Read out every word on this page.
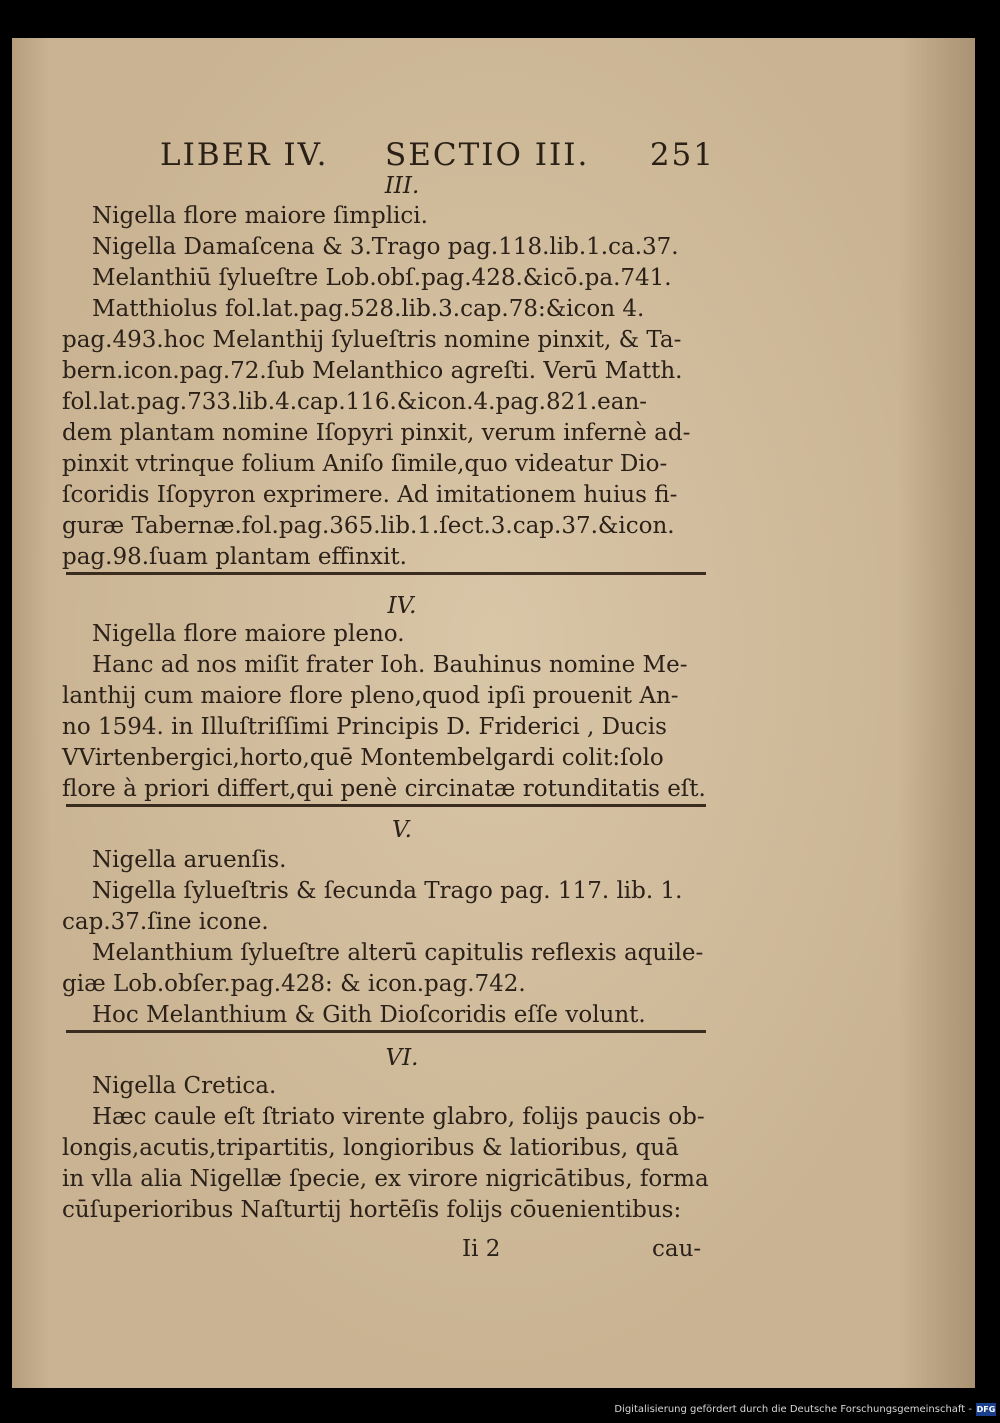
LIBER IV. SECTIO III. 251
III.
Nigella flore maiore ſimplici.
Nigella Damaſcena & 3.Trago pag.118.lib.1.ca.37.
Melanthiū ſylueſtre Lob.obſ.pag.428.&icō.pa.741.
Matthiolus fol.lat.pag.528.lib.3.cap.78:&icon 4.
pag.493.hoc Melanthij ſylueſtris nomine pinxit, & Ta-
bern.icon.pag.72.ſub Melanthico agreſti. Verū Matth.
fol.lat.pag.733.lib.4.cap.116.&icon.4.pag.821.ean-
dem plantam nomine Iſopyri pinxit, verum infernè ad-
pinxit vtrinque folium Aniſo ſimile,quo videatur Dio-
ſcoridis Iſopyron exprimere. Ad imitationem huius fi-
guræ Tabernæ.fol.pag.365.lib.1.ſect.3.cap.37.&icon.
pag.98.ſuam plantam effinxit.
IV.
Nigella flore maiore pleno.
Hanc ad nos miſit frater Ioh. Bauhinus nomine Me-
lanthij cum maiore flore pleno,quod ipſi prouenit An-
no 1594. in Illuſtriſſimi Principis D. Friderici , Ducis
VVirtenbergici,horto,quē Montembelgardi colit:ſolo
flore à priori differt,qui penè circinatæ rotunditatis eſt.
V.
Nigella aruenſis.
Nigella ſylueſtris & ſecunda Trago pag. 117. lib. 1.
cap.37.ſine icone.
Melanthium ſylueſtre alterū capitulis reflexis aquile-
giæ Lob.obſer.pag.428: & icon.pag.742.
Hoc Melanthium & Gith Dioſcoridis eſſe volunt.
VI.
Nigella Cretica.
Hæc caule eſt ſtriato virente glabro, folijs paucis ob-
longis,acutis,tripartitis, longioribus & latioribus, quā
in vlla alia Nigellæ ſpecie, ex virore nigricātibus, forma
cūſuperioribus Naſturtij hortēſis folijs cōuenientibus:
Ii 2	cau-
Digitalisierung gefördert durch die Deutsche Forschungsgemeinschaft - DFG
